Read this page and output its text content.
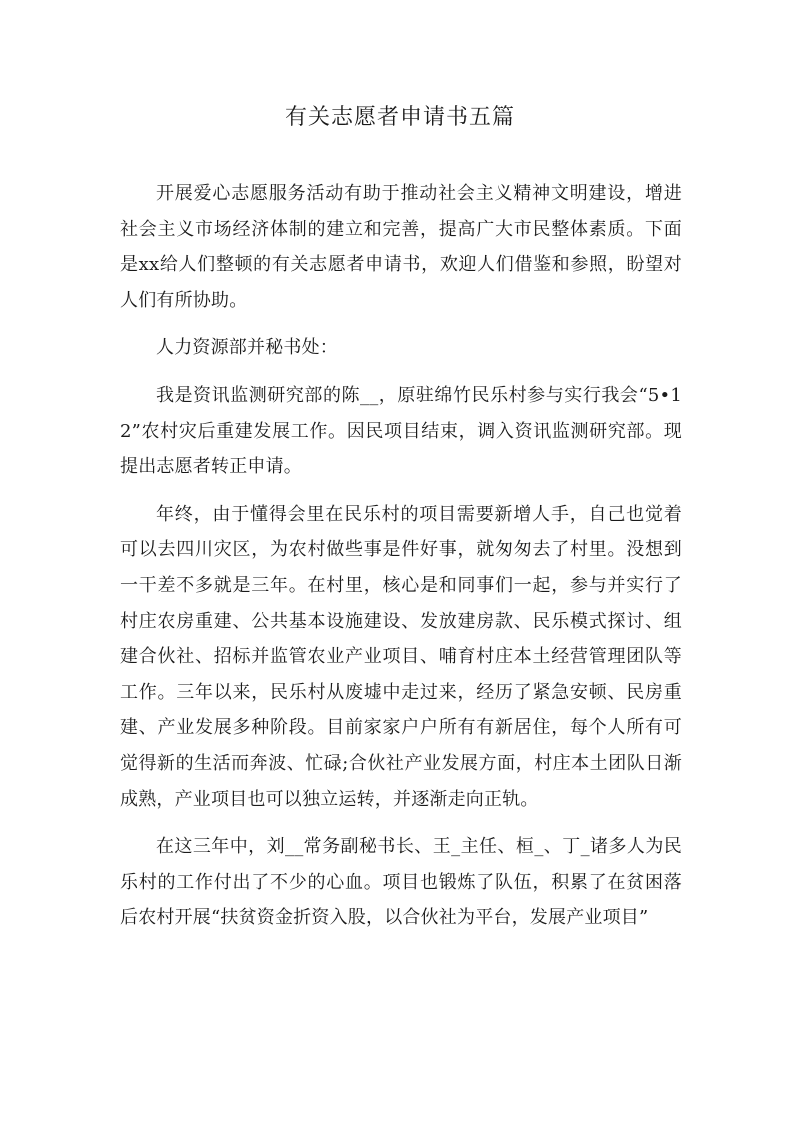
有关志愿者申请书五篇

开展爱心志愿服务活动有助于推动社会主义精神文明建设，增进社会主义市场经济体制的建立和完善，提高广大市民整体素质。下面是xx给人们整顿的有关志愿者申请书，欢迎人们借鉴和参照，盼望对人们有所协助。

人力资源部并秘书处：

我是资讯监测研究部的陈__，原驻绵竹民乐村参与实行我会“5•12”农村灾后重建发展工作。因民项目结束，调入资讯监测研究部。现提出志愿者转正申请。

年终，由于懂得会里在民乐村的项目需要新增人手，自己也觉着可以去四川灾区，为农村做些事是件好事，就匆匆去了村里。没想到一干差不多就是三年。在村里，核心是和同事们一起，参与并实行了村庄农房重建、公共基本设施建设、发放建房款、民乐模式探讨、组建合伙社、招标并监管农业产业项目、哺育村庄本土经营管理团队等工作。三年以来，民乐村从废墟中走过来，经历了紧急安顿、民房重建、产业发展多种阶段。目前家家户户所有有新居住，每个人所有可觉得新的生活而奔波、忙碌;合伙社产业发展方面，村庄本土团队日渐成熟，产业项目也可以独立运转，并逐渐走向正轨。

在这三年中，刘__常务副秘书长、王_主任、桓_、丁_诸多人为民乐村的工作付出了不少的心血。项目也锻炼了队伍，积累了在贫困落后农村开展“扶贫资金折资入股，以合伙社为平台，发展产业项目”
